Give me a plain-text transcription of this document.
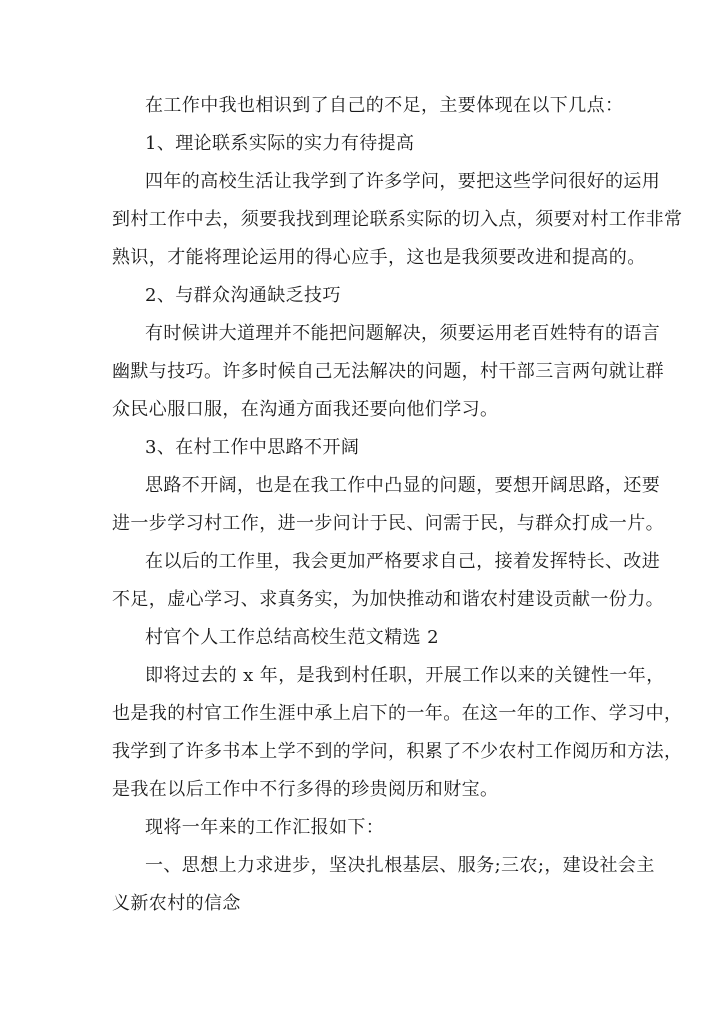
在工作中我也相识到了自己的不足，主要体现在以下几点：
1、理论联系实际的实力有待提高
四年的高校生活让我学到了许多学问，要把这些学问很好的运用
到村工作中去，须要我找到理论联系实际的切入点，须要对村工作非常
熟识，才能将理论运用的得心应手，这也是我须要改进和提高的。
2、与群众沟通缺乏技巧
有时候讲大道理并不能把问题解决，须要运用老百姓特有的语言
幽默与技巧。许多时候自己无法解决的问题，村干部三言两句就让群
众民心服口服，在沟通方面我还要向他们学习。
3、在村工作中思路不开阔
思路不开阔，也是在我工作中凸显的问题，要想开阔思路，还要
进一步学习村工作，进一步问计于民、问需于民，与群众打成一片。
在以后的工作里，我会更加严格要求自己，接着发挥特长、改进
不足，虚心学习、求真务实，为加快推动和谐农村建设贡献一份力。
村官个人工作总结高校生范文精选 2
即将过去的 x 年，是我到村任职，开展工作以来的关键性一年，
也是我的村官工作生涯中承上启下的一年。在这一年的工作、学习中，
我学到了许多书本上学不到的学问，积累了不少农村工作阅历和方法，
是我在以后工作中不行多得的珍贵阅历和财宝。
现将一年来的工作汇报如下：
一、思想上力求进步，坚决扎根基层、服务;三农;，建设社会主
义新农村的信念
